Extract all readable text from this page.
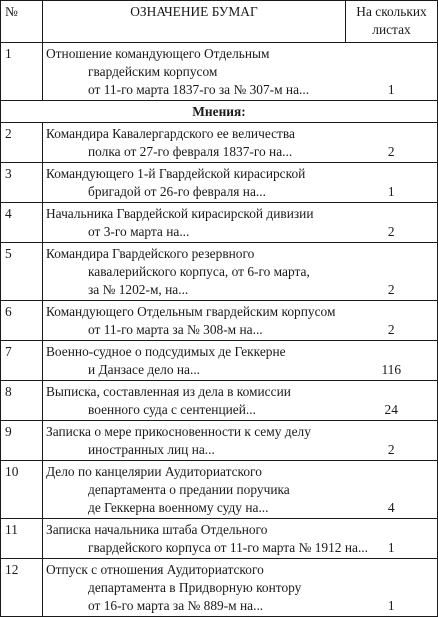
№	ОЗНАЧЕНИЕ БУМАГ	На скольких
листах

1	Отношение командующего Отдельным
гвардейским корпусом
от 11-го марта 1837-го за № 307-м на...	1
Мнения:		
2	Командира Кавалергардского ее величества
полка от 27-го февраля 1837-го на...	2
3	Командующего 1-й Гвардейской кирасирской
бригадой от 26-го февраля на...	1
4	Начальника Гвардейской кирасирской дивизии
от 3-го марта на...	2
5	Командира Гвардейского резервного
кавалерийского корпуса, от 6-го марта,
за № 1202-м, на...	2
6	Командующего Отдельным гвардейским корпусом
от 11-го марта за № 308-м на...	2
7	Военно-судное о подсудимых де Геккерне
и Данзасе дело на...	116
8	Выписка, составленная из дела в комиссии
военного суда с сентенцией...	24
9	Записка о мере прикосновенности к сему делу
иностранных лиц на...	2
10	Дело по канцелярии Аудиториатского
департамента о предании поручика
де Геккерна военному суду на...	4
11	Записка начальника штаба Отдельного
гвардейского корпуса от 11-го марта № 1912 на...	1
12	Отпуск с отношения Аудиториатского
департамента в Придворную контору
от 16-го марта за № 889-м на...	1
